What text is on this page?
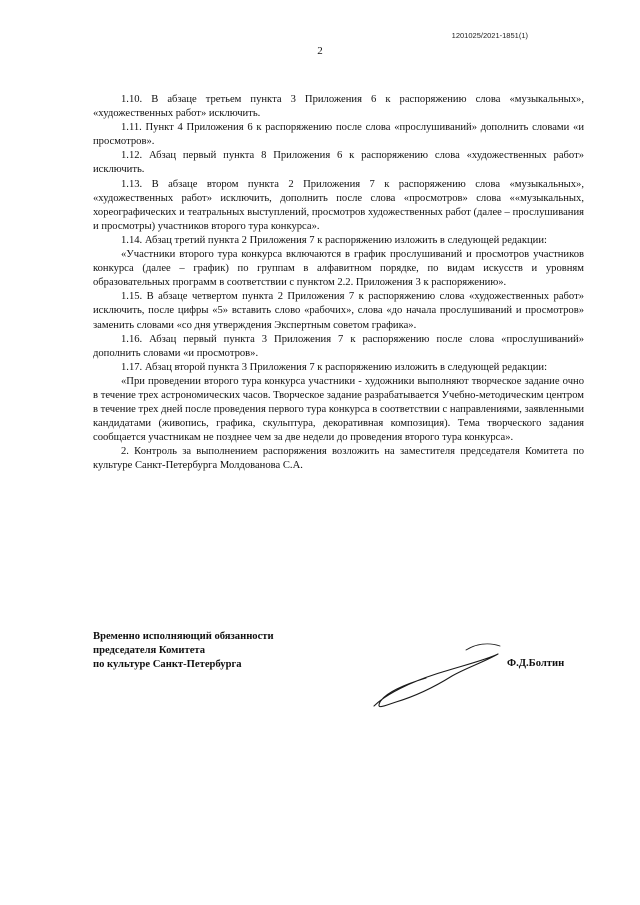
1201025/2021-1851(1)
2

1.10. В абзаце третьем пункта 3 Приложения 6 к распоряжению слова «музыкальных», «художественных работ» исключить.

1.11. Пункт 4 Приложения 6 к распоряжению после слова «прослушиваний» дополнить словами «и просмотров».

1.12. Абзац первый пункта 8 Приложения 6 к распоряжению слова «художественных работ» исключить.

1.13. В абзаце втором пункта 2 Приложения 7 к распоряжению слова «музыкальных», «художественных работ» исключить, дополнить после слова «просмотров» слова ««музыкальных, хореографических и театральных выступлений, просмотров художественных работ (далее – прослушивания и просмотры) участников второго тура конкурса».

1.14. Абзац третий пункта 2 Приложения 7 к распоряжению изложить в следующей редакции:

«Участники второго тура конкурса включаются в график прослушиваний и просмотров участников конкурса (далее – график) по группам в алфавитном порядке, по видам искусств и уровням образовательных программ в соответствии с пунктом 2.2. Приложения 3 к распоряжению».

1.15. В абзаце четвертом пункта 2 Приложения 7 к распоряжению слова «художественных работ» исключить, после цифры «5» вставить слово «рабочих», слова «до начала прослушиваний и просмотров» заменить словами «со дня утверждения Экспертным советом графика».

1.16. Абзац первый пункта 3 Приложения 7 к распоряжению после слова «прослушиваний» дополнить словами «и просмотров».

1.17. Абзац второй пункта 3 Приложения 7 к распоряжению изложить в следующей редакции:

«При проведении второго тура конкурса участники - художники выполняют творческое задание очно в течение трех астрономических часов. Творческое задание разрабатывается Учебно-методическим центром в течение трех дней после проведения первого тура конкурса в соответствии с направлениями, заявленными кандидатами (живопись, графика, скульптура, декоративная композиция). Тема творческого задания сообщается участникам не позднее чем за две недели до проведения второго тура конкурса».

2. Контроль за выполнением распоряжения возложить на заместителя председателя Комитета по культуре Санкт-Петербурга Молдованова С.А.

Временно исполняющий обязанности
председателя Комитета
по культуре Санкт-Петербурга	Ф.Д.Болтин
